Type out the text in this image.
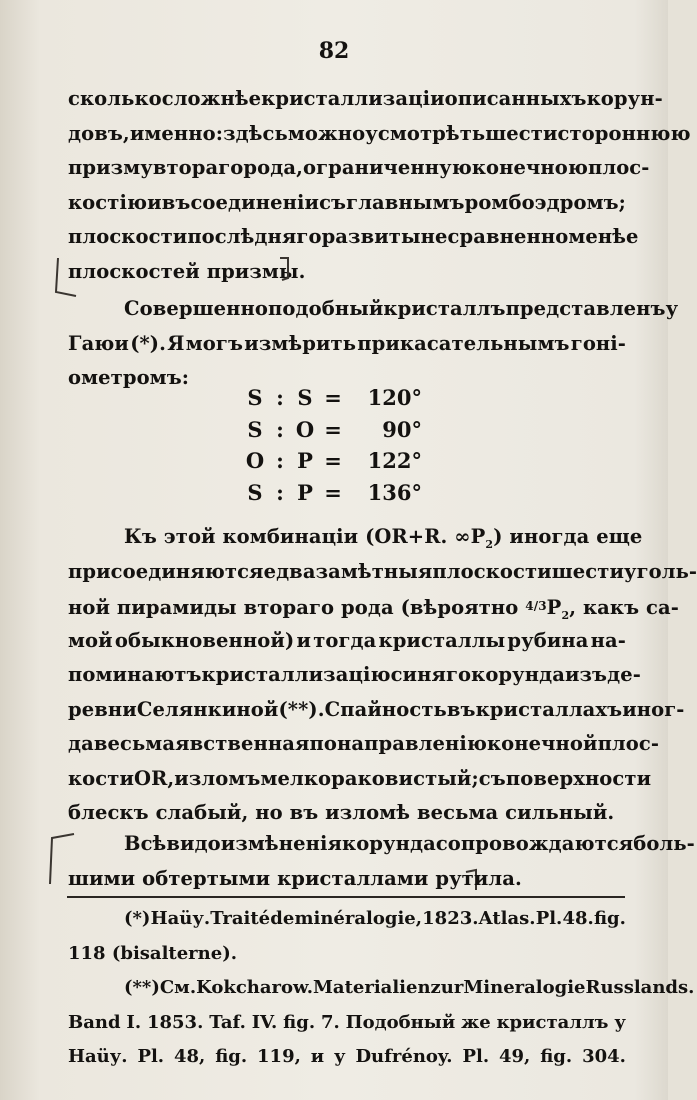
82
сколько сложнѣе кристаллизаціи описанныхъ корун-
довъ, именно: здѣсь можно усмотрѣть шестистороннюю
призму втораго рода, ограниченную конечною плос-
костію и въ соединеніи съ главнымъ ромбоэдромъ;
плоскости послѣдняго развиты несравненно менѣе
плоскостей призмы.
Совершенно подобный кристаллъ представленъ у
Гаюи (*). Я могъ измѣрить прикасательнымъ гоні-
ометромъ:
S : S =	120°
S : O =	90°
O : P =	122°
S : P =	136°
Къ этой комбинаціи (OR+R. $\infty P_2$) иногда еще
присоединяются едва замѣтныя плоскости шестиуголь-
ной пирамиды втораго рода (вѣроятно $^{4/3}P_2$, какъ са-
мой обыкновенной) и тогда кристаллы рубина на-
поминаютъ кристаллизацію синяго корунда изъ де-
ревни Селянкиной (**). Спайность въ кристаллахъ иног-
да весьма явственная по направленію конечной плос-
кости OR, изломъ мелкораковистый; съ поверхности
блескъ слабый, но въ изломѣ весьма сильный.
Всѣ видоизмѣненія корунда сопровождаются боль-
шими обтертыми кристаллами рутила.
(*) Наüу. Traité de minéralogie, 1823. Atlas. Pl. 48. fig.
118 (bisalterne).
(**) См. Kokcharow. Materialien zur Mineralogie Russlands.
Band I. 1853. Taf. IV. fig. 7. Подобный же кристаллъ у
Наüу. Pl. 48, fig. 119, и у Dufrénoy. Pl. 49, fig. 304.
